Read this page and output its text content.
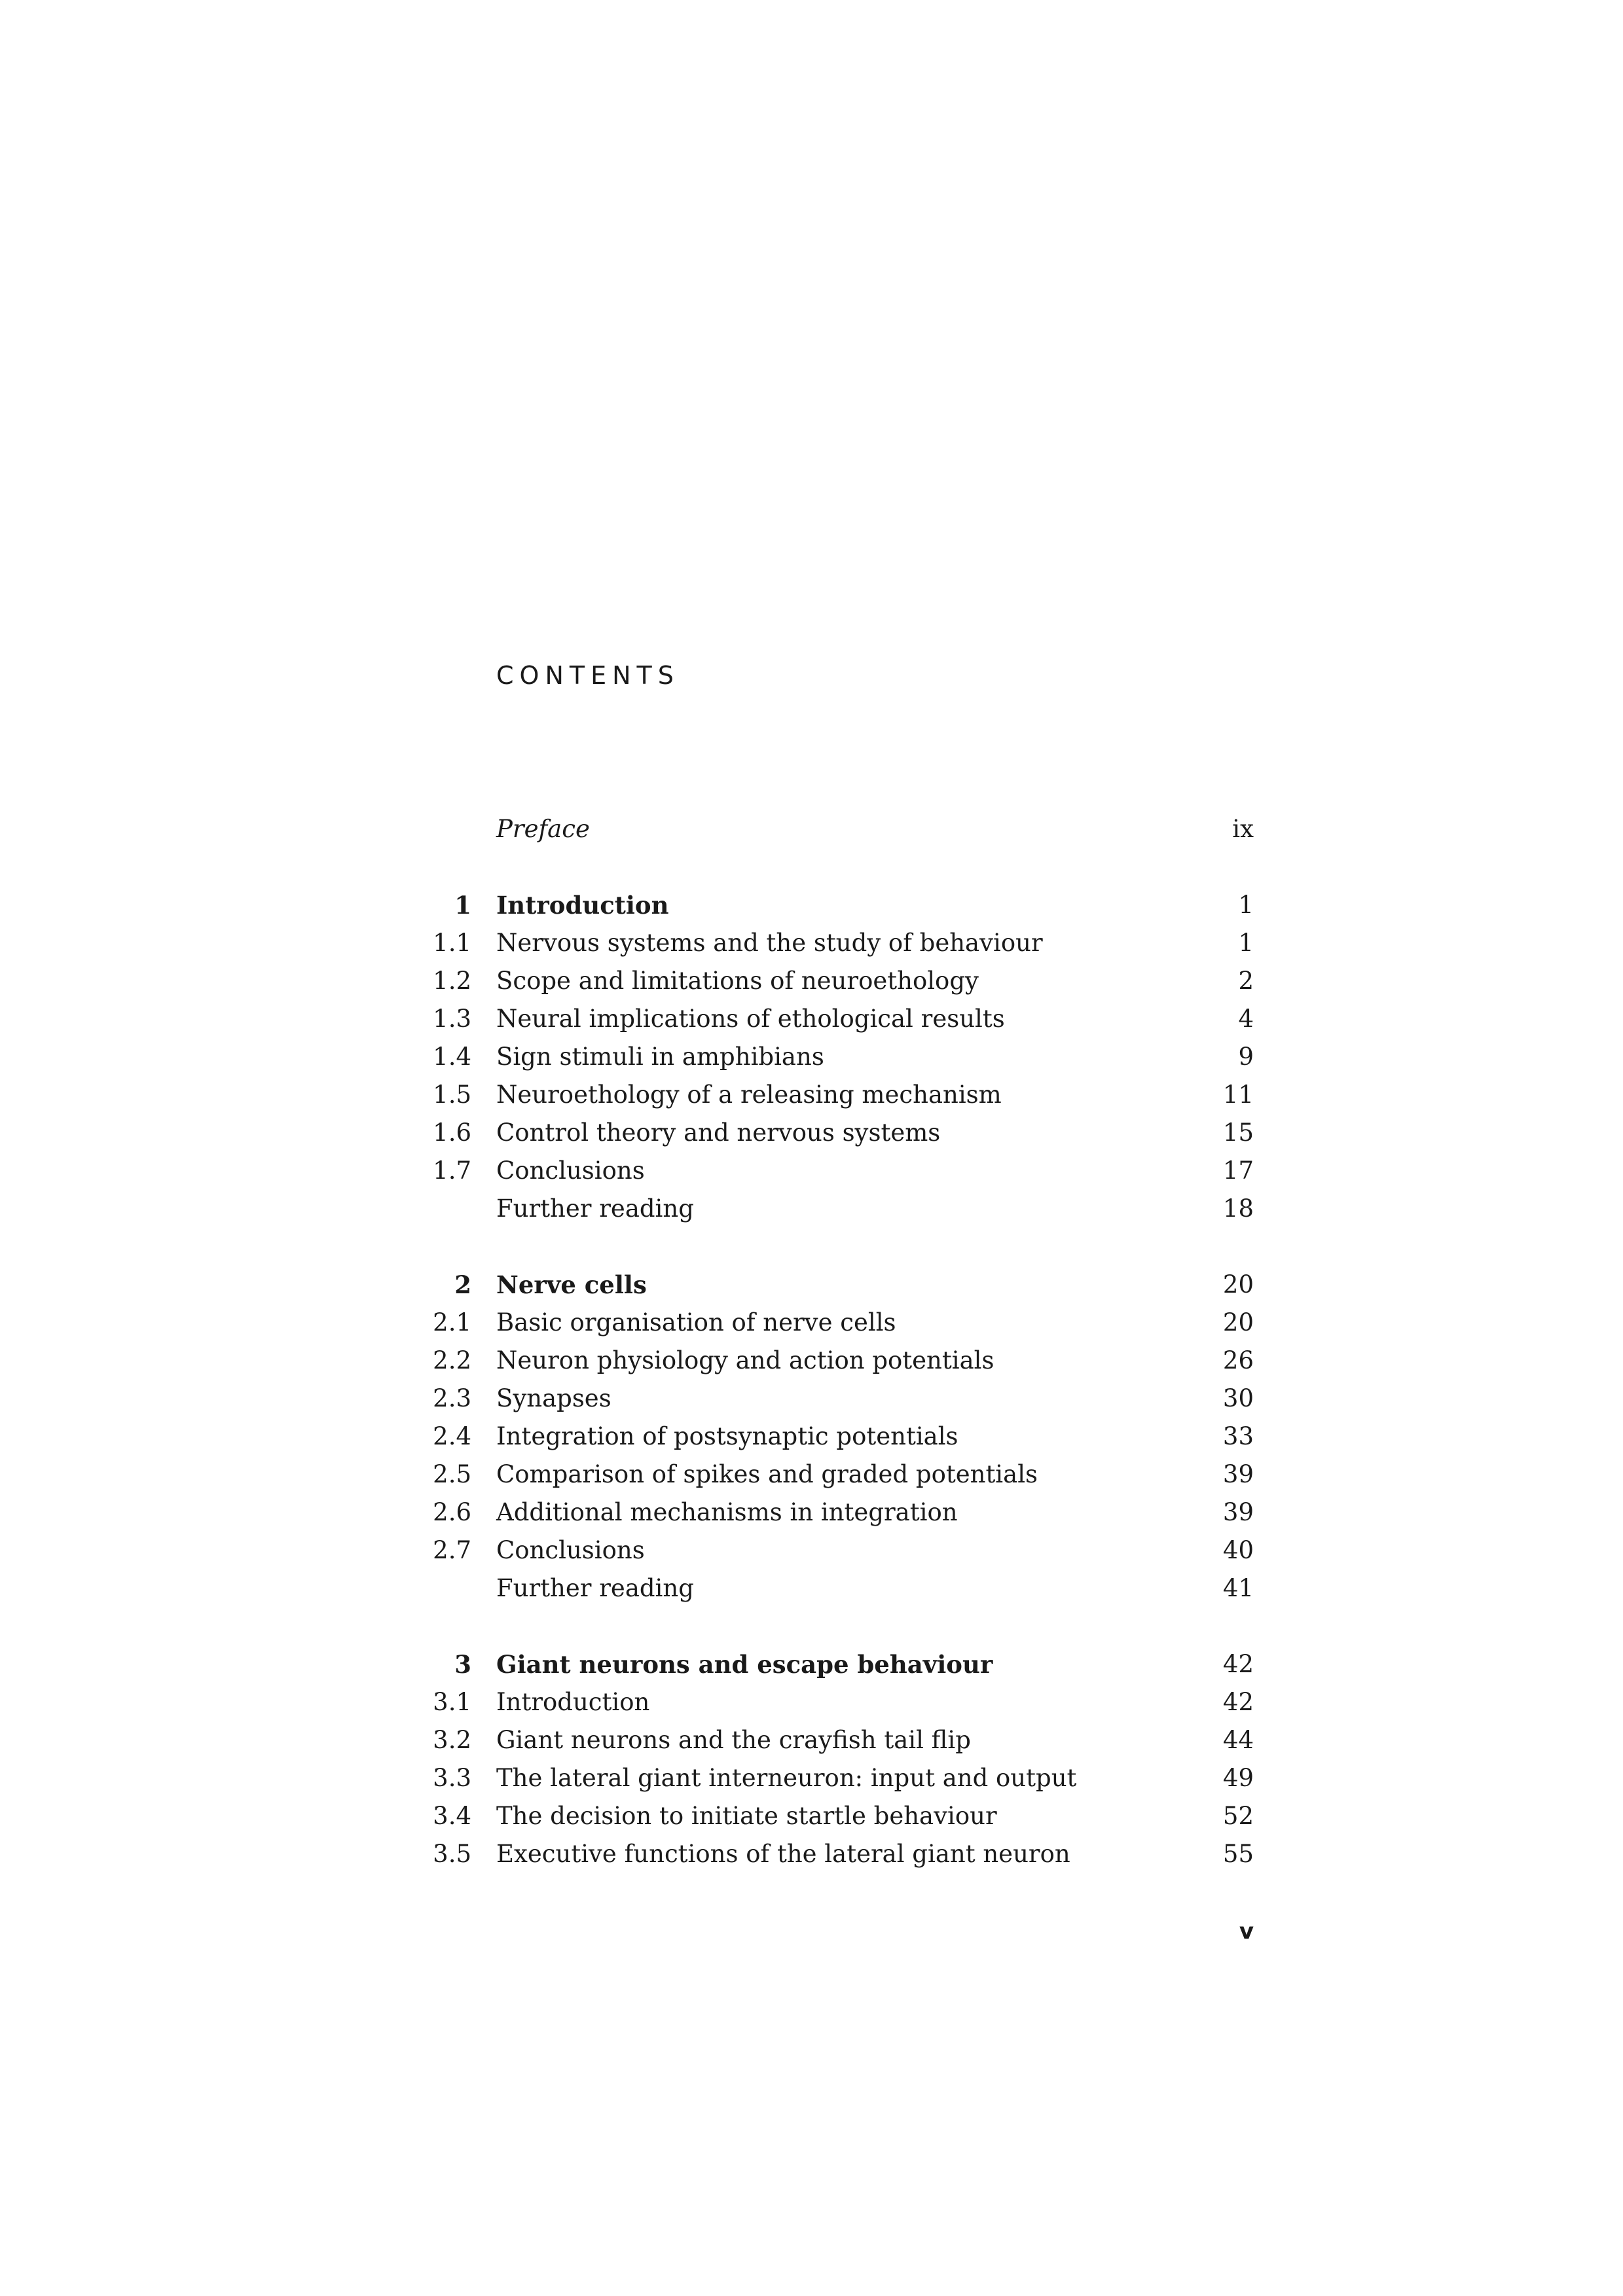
CONTENTS
Preface	ix
1 Introduction	1
1.1 Nervous systems and the study of behaviour	1
1.2 Scope and limitations of neuroethology	2
1.3 Neural implications of ethological results	4
1.4 Sign stimuli in amphibians	9
1.5 Neuroethology of a releasing mechanism	11
1.6 Control theory and nervous systems	15
1.7 Conclusions	17
Further reading	18
2 Nerve cells	20
2.1 Basic organisation of nerve cells	20
2.2 Neuron physiology and action potentials	26
2.3 Synapses	30
2.4 Integration of postsynaptic potentials	33
2.5 Comparison of spikes and graded potentials	39
2.6 Additional mechanisms in integration	39
2.7 Conclusions	40
Further reading	41
3 Giant neurons and escape behaviour	42
3.1 Introduction	42
3.2 Giant neurons and the crayfish tail flip	44
3.3 The lateral giant interneuron: input and output	49
3.4 The decision to initiate startle behaviour	52
3.5 Executive functions of the lateral giant neuron	55
v
